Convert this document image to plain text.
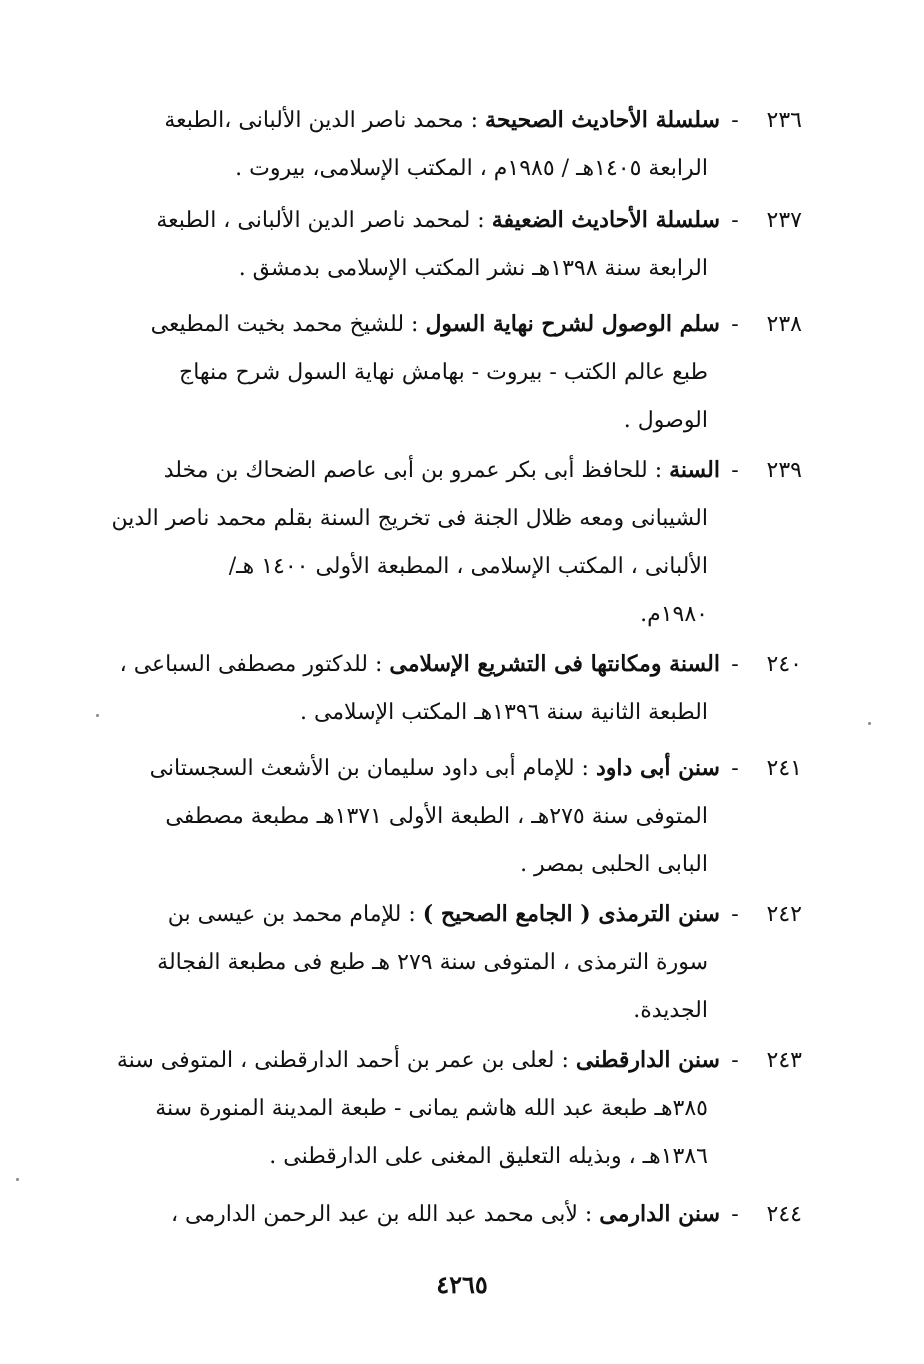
٢٣٦-سلسلة الأحاديث الصحيحة : محمد ناصر الدين الألبانى ،الطبعة
الرابعة ١٤٠٥هـ / ١٩٨٥م ، المكتب الإسلامى، بيروت .
٢٣٧-سلسلة الأحاديث الضعيفة : لمحمد ناصر الدين الألبانى ، الطبعة
الرابعة سنة ١٣٩٨هـ نشر المكتب الإسلامى بدمشق .
٢٣٨-سلم الوصول لشرح نهاية السول : للشيخ محمد بخيت المطيعى
طبع عالم الكتب - بيروت - بهامش نهاية السول شرح منهاج
الوصول .
٢٣٩-السنة : للحافظ أبى بكر عمرو بن أبى عاصم الضحاك بن مخلد
الشيبانى ومعه ظلال الجنة فى تخريج السنة بقلم محمد ناصر الدين
الألبانى ، المكتب الإسلامى ، المطبعة الأولى ١٤٠٠ هـ/
١٩٨٠م.
٢٤٠-السنة ومكانتها فى التشريع الإسلامى : للدكتور مصطفى السباعى ،
الطبعة الثانية سنة ١٣٩٦هـ المكتب الإسلامى .
٢٤١-سنن أبى داود : للإمام أبى داود سليمان بن الأشعث السجستانى
المتوفى سنة ٢٧٥هـ ، الطبعة الأولى ١٣٧١هـ مطبعة مصطفى
البابى الحلبى بمصر .
٢٤٢-سنن الترمذى ( الجامع الصحيح ) : للإمام محمد بن عيسى بن
سورة الترمذى ، المتوفى سنة ٢٧٩ هـ طبع فى مطبعة الفجالة
الجديدة.
٢٤٣-سنن الدارقطنى : لعلى بن عمر بن أحمد الدارقطنى ، المتوفى سنة
٣٨٥هـ طبعة عبد الله هاشم يمانى - طبعة المدينة المنورة سنة
١٣٨٦هـ ، وبذيله التعليق المغنى على الدارقطنى .
٢٤٤-سنن الدارمى : لأبى محمد عبد الله بن عبد الرحمن الدارمى ،
٤٢٦٥
